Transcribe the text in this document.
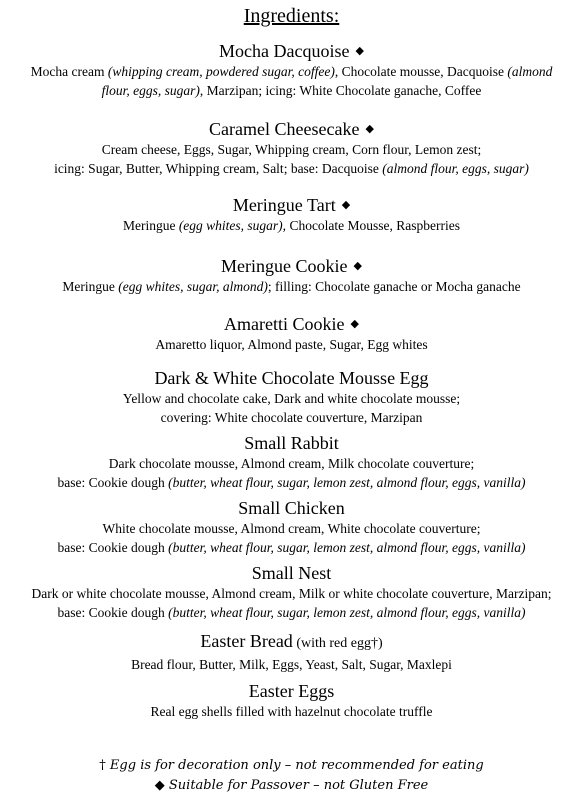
Ingredients:
Mocha Dacquoise ◆
Mocha cream (whipping cream, powdered sugar, coffee), Chocolate mousse, Dacquoise (almond
flour, eggs, sugar), Marzipan; icing: White Chocolate ganache, Coffee
Caramel Cheesecake ◆
Cream cheese, Eggs, Sugar, Whipping cream, Corn flour, Lemon zest;
icing: Sugar, Butter, Whipping cream, Salt; base: Dacquoise (almond flour, eggs, sugar)
Meringue Tart ◆
Meringue (egg whites, sugar), Chocolate Mousse, Raspberries
Meringue Cookie ◆
Meringue (egg whites, sugar, almond); filling: Chocolate ganache or Mocha ganache
Amaretti Cookie ◆
Amaretto liquor, Almond paste, Sugar, Egg whites
Dark & White Chocolate Mousse Egg
Yellow and chocolate cake, Dark and white chocolate mousse;
covering: White chocolate couverture, Marzipan
Small Rabbit
Dark chocolate mousse, Almond cream, Milk chocolate couverture;
base: Cookie dough (butter, wheat flour, sugar, lemon zest, almond flour, eggs, vanilla)
Small Chicken
White chocolate mousse, Almond cream, White chocolate couverture;
base: Cookie dough (butter, wheat flour, sugar, lemon zest, almond flour, eggs, vanilla)
Small Nest
Dark or white chocolate mousse, Almond cream, Milk or white chocolate couverture, Marzipan;
base: Cookie dough (butter, wheat flour, sugar, lemon zest, almond flour, eggs, vanilla)
Easter Bread (with red egg†)
Bread flour, Butter, Milk, Eggs, Yeast, Salt, Sugar, Maxlepi
Easter Eggs
Real egg shells filled with hazelnut chocolate truffle
† Egg is for decoration only – not recommended for eating
◆ Suitable for Passover – not Gluten Free
